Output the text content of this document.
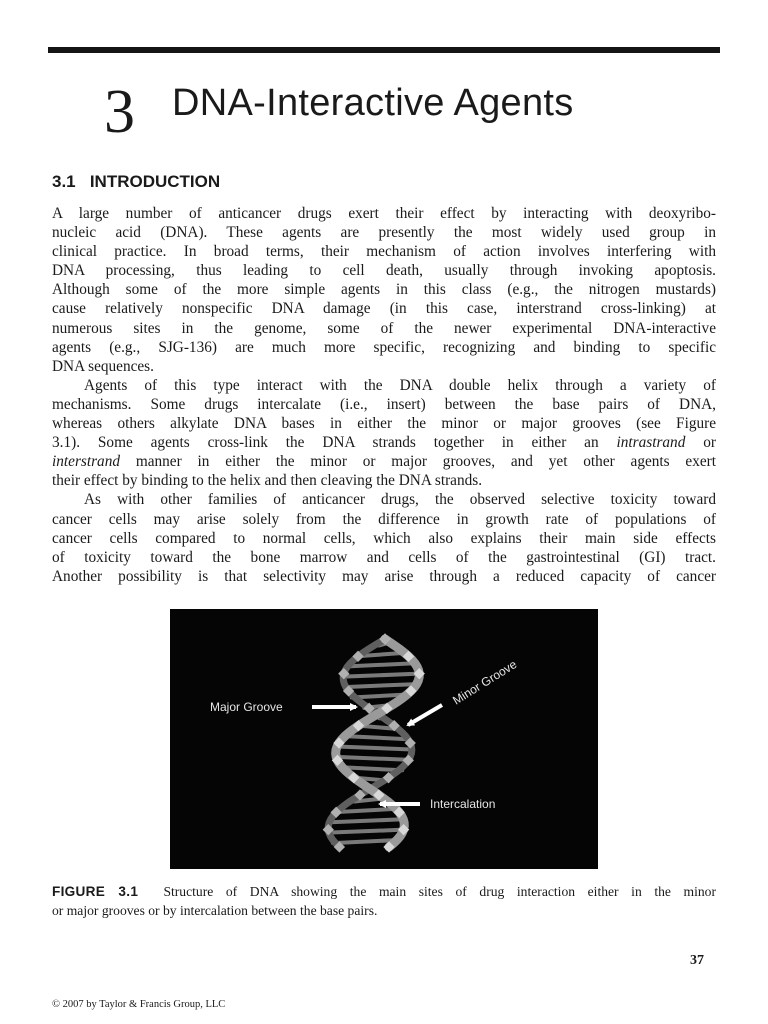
3 DNA-Interactive Agents
3.1 INTRODUCTION
A large number of anticancer drugs exert their effect by interacting with deoxyribo-
nucleic acid (DNA). These agents are presently the most widely used group in
clinical practice. In broad terms, their mechanism of action involves interfering with
DNA processing, thus leading to cell death, usually through invoking apoptosis.
Although some of the more simple agents in this class (e.g., the nitrogen mustards)
cause relatively nonspecific DNA damage (in this case, interstrand cross-linking) at
numerous sites in the genome, some of the newer experimental DNA-interactive
agents (e.g., SJG-136) are much more specific, recognizing and binding to specific
DNA sequences.
Agents of this type interact with the DNA double helix through a variety of
mechanisms. Some drugs intercalate (i.e., insert) between the base pairs of DNA,
whereas others alkylate DNA bases in either the minor or major grooves (see Figure
3.1). Some agents cross-link the DNA strands together in either an intrastrand or
interstrand manner in either the minor or major grooves, and yet other agents exert
their effect by binding to the helix and then cleaving the DNA strands.
As with other families of anticancer drugs, the observed selective toxicity toward
cancer cells may arise solely from the difference in growth rate of populations of
cancer cells compared to normal cells, which also explains their main side effects
of toxicity toward the bone marrow and cells of the gastrointestinal (GI) tract.
Another possibility is that selectivity may arise through a reduced capacity of cancer
Major Groove	Minor Groove
Intercalation
FIGURE 3.1 Structure of DNA showing the main sites of drug interaction either in the minor
or major grooves or by intercalation between the base pairs.
37
© 2007 by Taylor & Francis Group, LLC
